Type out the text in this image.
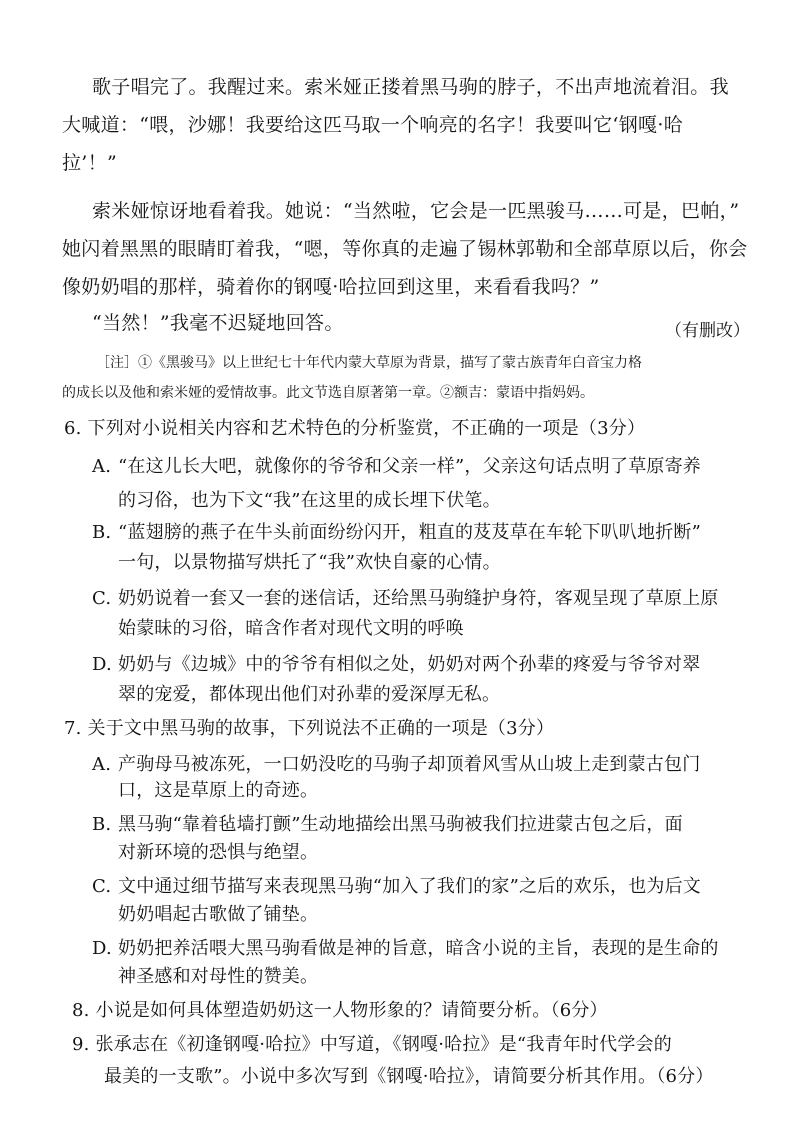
歌子唱完了。我醒过来。索米娅正搂着黑马驹的脖子，不出声地流着泪。我
大喊道：“喂，沙娜！我要给这匹马取一个响亮的名字！我要叫它‘钢嘎·哈
拉’！”
索米娅惊讶地看着我。她说：“当然啦，它会是一匹黑骏马……可是，巴帕，”
她闪着黑黑的眼睛盯着我，“嗯，等你真的走遍了锡林郭勒和全部草原以后，你会
像奶奶唱的那样，骑着你的钢嘎·哈拉回到这里，来看看我吗？”
“当然！”我毫不迟疑地回答。	（有删改）
［注］①《黑骏马》以上世纪七十年代内蒙大草原为背景，描写了蒙古族青年白音宝力格
的成长以及他和索米娅的爱情故事。此文节选自原著第一章。②额吉：蒙语中指妈妈。
6. 下列对小说相关内容和艺术特色的分析鉴赏，不正确的一项是（3分）
A. “在这儿长大吧，就像你的爷爷和父亲一样”，父亲这句话点明了草原寄养
的习俗，也为下文“我”在这里的成长埋下伏笔。
B. “蓝翅膀的燕子在牛头前面纷纷闪开，粗直的芨芨草在车轮下叭叭地折断”
一句，以景物描写烘托了“我”欢快自豪的心情。
C. 奶奶说着一套又一套的迷信话，还给黑马驹缝护身符，客观呈现了草原上原
始蒙昧的习俗，暗含作者对现代文明的呼唤
D. 奶奶与《边城》中的爷爷有相似之处，奶奶对两个孙辈的疼爱与爷爷对翠
翠的宠爱，都体现出他们对孙辈的爱深厚无私。
7. 关于文中黑马驹的故事，下列说法不正确的一项是（3分）
A. 产驹母马被冻死，一口奶没吃的马驹子却顶着风雪从山坡上走到蒙古包门
口，这是草原上的奇迹。
B. 黑马驹“靠着毡墙打颤”生动地描绘出黑马驹被我们拉进蒙古包之后，面
对新环境的恐惧与绝望。
C. 文中通过细节描写来表现黑马驹“加入了我们的家”之后的欢乐，也为后文
奶奶唱起古歌做了铺垫。
D. 奶奶把养活喂大黑马驹看做是神的旨意，暗含小说的主旨，表现的是生命的
神圣感和对母性的赞美。
8. 小说是如何具体塑造奶奶这一人物形象的？请简要分析。（6分）
9. 张承志在《初逢钢嘎·哈拉》中写道，《钢嘎·哈拉》是“我青年时代学会的
最美的一支歌”。小说中多次写到《钢嘎·哈拉》，请简要分析其作用。（6分）
